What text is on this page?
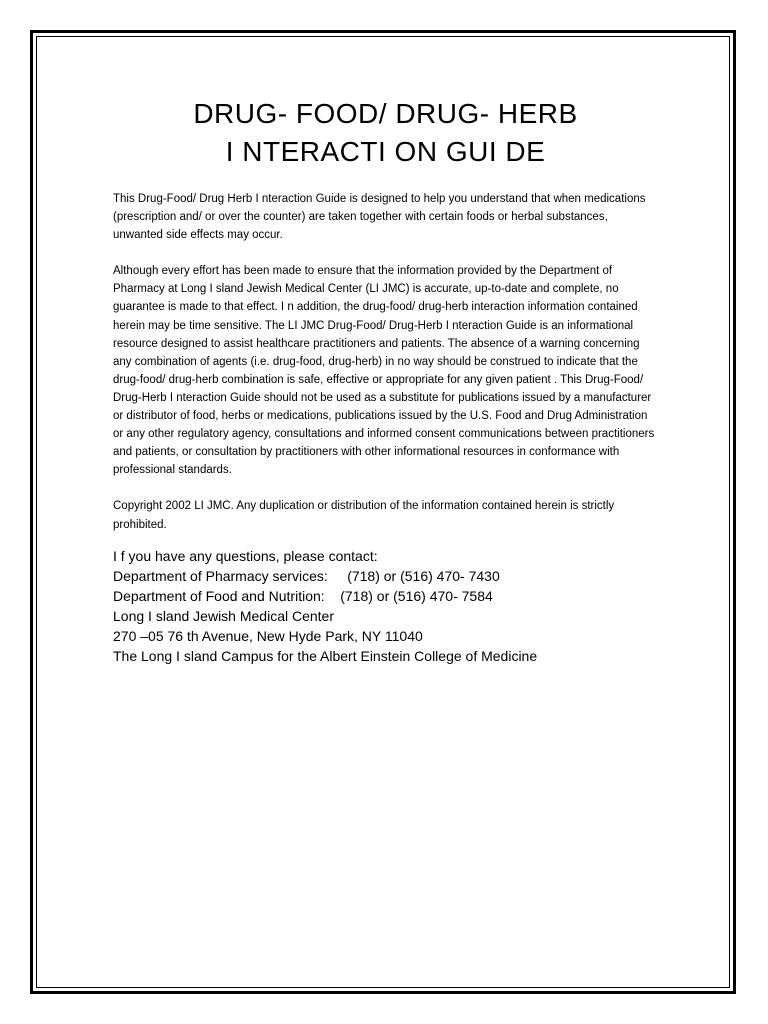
DRUG- FOOD/ DRUG- HERB
I NTERACTI ON GUI DE

This Drug-Food/ Drug Herb I nteraction Guide is designed to help you understand that when medications (prescription and/ or over the counter) are taken together with certain foods or herbal substances, unwanted side effects may occur.

Although every effort has been made to ensure that the information provided by the Department of Pharmacy at Long I sland Jewish Medical Center (LI JMC) is accurate, up-to-date and complete, no guarantee is made to that effect. I n addition, the drug-food/ drug-herb interaction information contained herein may be time sensitive. The LI JMC Drug-Food/ Drug-Herb I nteraction Guide is an informational resource designed to assist healthcare practitioners and patients. The absence of a warning concerning any combination of agents (i.e. drug-food, drug-herb) in no way should be construed to indicate that the drug-food/ drug-herb combination is safe, effective or appropriate for any given patient . This Drug-Food/ Drug-Herb I nteraction Guide should not be used as a substitute for publications issued by a manufacturer or distributor of food, herbs or medications, publications issued by the U.S. Food and Drug Administration or any other regulatory agency, consultations and informed consent communications between practitioners and patients, or consultation by practitioners with other informational resources in conformance with professional standards.

Copyright 2002 LI JMC. Any duplication or distribution of the information contained herein is strictly prohibited.

I f you have any questions, please contact:
Department of Pharmacy services:     (718) or (516) 470- 7430
Department of Food and Nutrition:    (718) or (516) 470- 7584
Long I sland Jewish Medical Center
270 –05 76 th Avenue, New Hyde Park, NY 11040
The Long I sland Campus for the Albert Einstein College of Medicine
